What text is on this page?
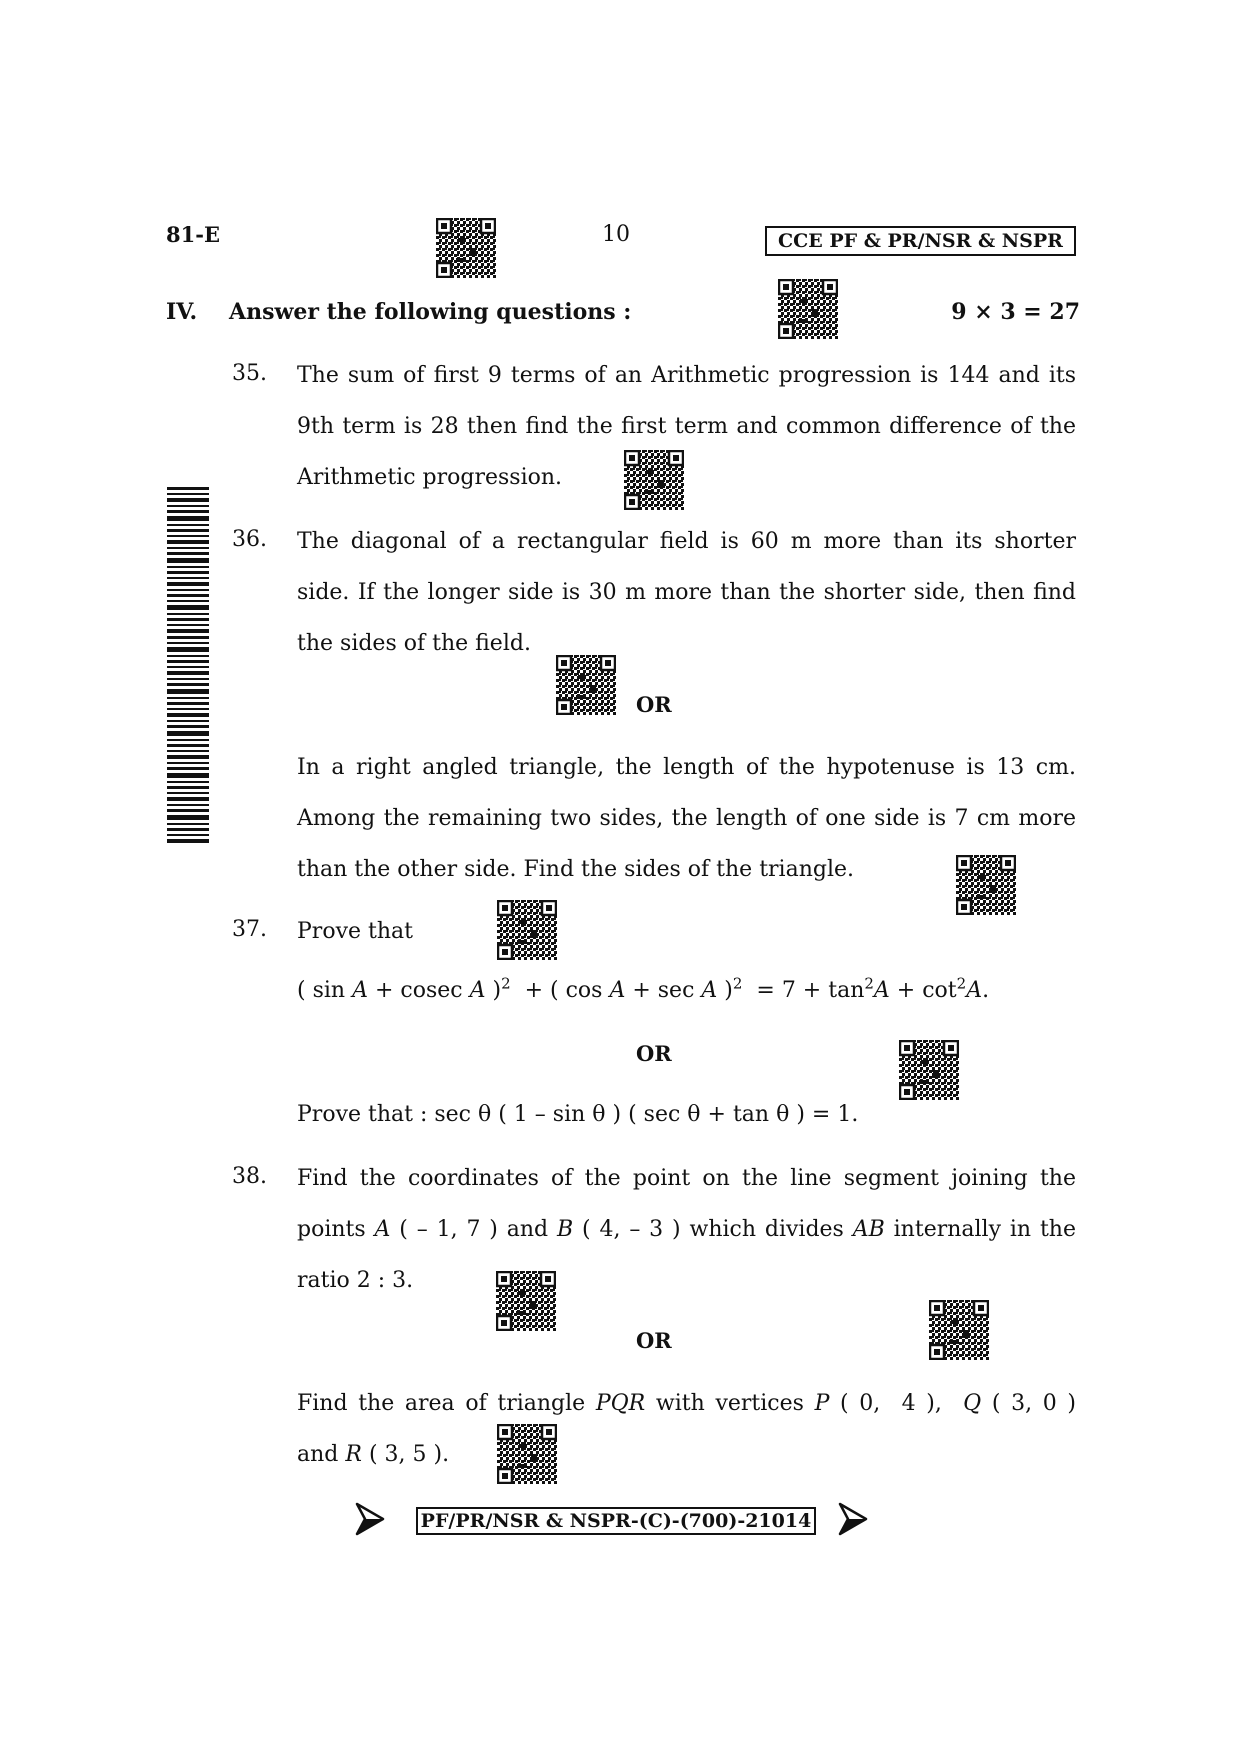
81-E	10	CCE PF & PR/NSR & NSPR
IV. Answer the following questions :	9 × 3 = 27
35. The sum of first 9 terms of an Arithmetic progression is 144 and its
9th term is 28 then find the first term and common difference of the
Arithmetic progression.
36. The diagonal of a rectangular field is 60 m more than its shorter
side. If the longer side is 30 m more than the shorter side, then find
the sides of the field.
OR
In a right angled triangle, the length of the hypotenuse is 13 cm.
Among the remaining two sides, the length of one side is 7 cm more
than the other side. Find the sides of the triangle.
37. Prove that
( sin A + cosec A )$^2$  + ( cos A + sec A )$^2 = 7 + \tan^2A + \cot^2A$.
OR
Prove that : sec θ ( 1 – sin θ ) ( sec θ + tan θ ) = 1.
38. Find the coordinates of the point on the line segment joining the
points A ( – 1, 7 ) and B ( 4, – 3 ) which divides AB internally in the
ratio 2 : 3.
OR
Find the area of triangle PQR with vertices P ( 0,  4 ),  Q ( 3, 0 )
and R ( 3, 5 ).
PF/PR/NSR & NSPR-(C)-(700)-21014
